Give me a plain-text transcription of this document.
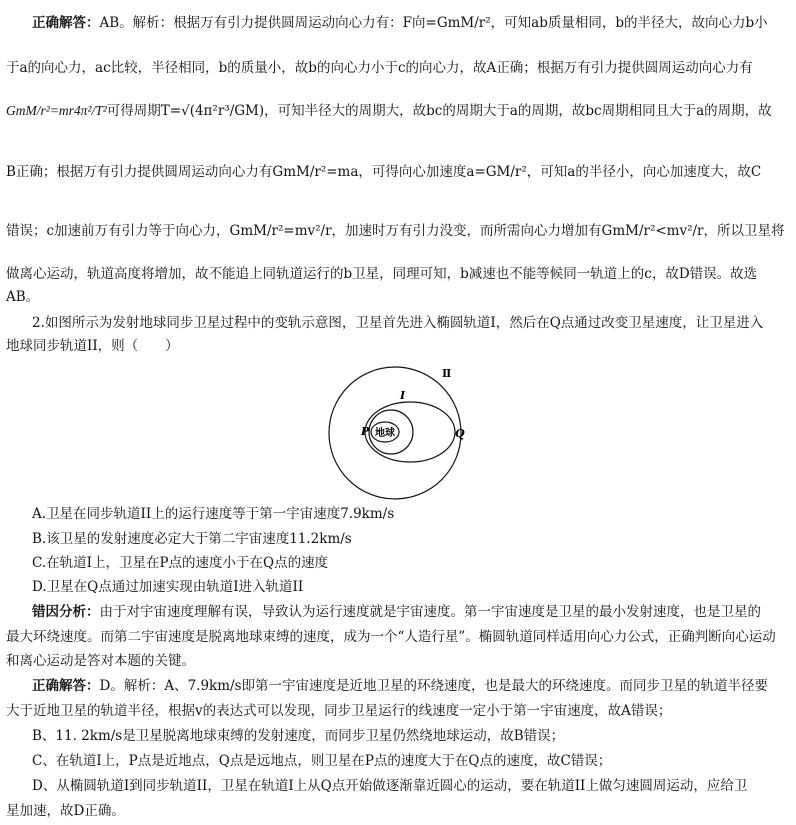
正确解答：AB。解析：根据万有引力提供圆周运动向心力有：F向=GmM/r²，可知ab质量相同，b的半径大，故向心力b小
于a的向心力，ac比较，半径相同，b的质量小，故b的向心力小于c的向心力，故A正确；根据万有引力提供圆周运动向心力有
GmM/r²=mr4π²/T²可得周期T=√(4π²r³/GM)，可知半径大的周期大，故bc的周期大于a的周期，故bc周期相同且大于a的周期，故
B正确；根据万有引力提供圆周运动向心力有GmM/r²=ma，可得向心加速度a=GM/r²，可知a的半径小，向心加速度大，故C
错误；c加速前万有引力等于向心力，GmM/r²=mv²/r，加速时万有引力没变，而所需向心力增加有GmM/r²<mv²/r，所以卫星将
做离心运动，轨道高度将增加，故不能追上同轨道运行的b卫星，同理可知，b减速也不能等候同一轨道上的c，故D错误。故选
AB。
2.如图所示为发射地球同步卫星过程中的变轨示意图，卫星首先进入椭圆轨道I，然后在Q点通过改变卫星速度，让卫星进入
地球同步轨道II，则（　　）
地球
P	Q
I
Ⅱ
A.卫星在同步轨道II上的运行速度等于第一宇宙速度7.9km/s
B.该卫星的发射速度必定大于第二宇宙速度11.2km/s
C.在轨道I上，卫星在P点的速度小于在Q点的速度
D.卫星在Q点通过加速实现由轨道I进入轨道II
错因分析：由于对宇宙速度理解有误，导致认为运行速度就是宇宙速度。第一宇宙速度是卫星的最小发射速度，也是卫星的
最大环绕速度。而第二宇宙速度是脱离地球束缚的速度，成为一个“人造行星”。椭圆轨道同样适用向心力公式，正确判断向心运动
和离心运动是答对本题的关键。
正确解答：D。解析：A、7.9km/s即第一宇宙速度是近地卫星的环绕速度，也是最大的环绕速度。而同步卫星的轨道半径要
大于近地卫星的轨道半径，根据v的表达式可以发现，同步卫星运行的线速度一定小于第一宇宙速度，故A错误；
B、11. 2km/s是卫星脱离地球束缚的发射速度，而同步卫星仍然绕地球运动，故B错误；
C、在轨道I上，P点是近地点，Q点是远地点，则卫星在P点的速度大于在Q点的速度，故C错误；
D、从椭圆轨道I到同步轨道II，卫星在轨道I上从Q点开始做逐渐靠近圆心的运动，要在轨道II上做匀速圆周运动，应给卫
星加速，故D正确。
